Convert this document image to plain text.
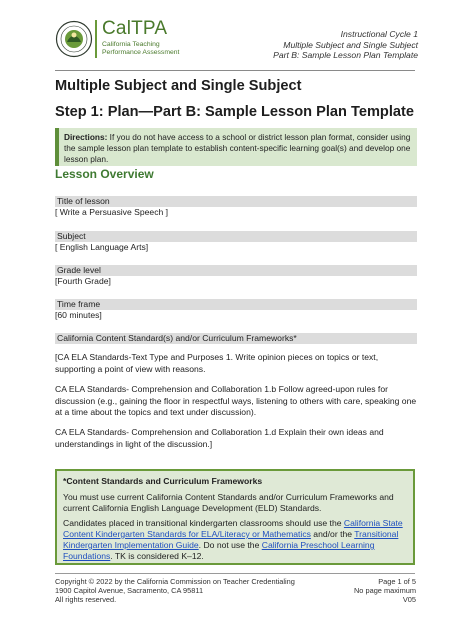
CalTPA
California Teaching
Performance Assessment
Instructional Cycle 1
Multiple Subject and Single Subject
Part B: Sample Lesson Plan Template
Multiple Subject and Single Subject
Step 1: Plan—Part B: Sample Lesson Plan Template
Directions: If you do not have access to a school or district lesson plan format, consider using the sample lesson plan template to establish content-specific learning goal(s) and develop one lesson plan.
Lesson Overview
Title of lesson
[ Write a Persuasive Speech ]
Subject
[ English Language Arts]
Grade level
[Fourth Grade]
Time frame
[60 minutes]
California Content Standard(s) and/or Curriculum Frameworks*
[CA ELA Standards-Text Type and Purposes 1. Write opinion pieces on topics or text, supporting a point of view with reasons.
CA ELA Standards- Comprehension and Collaboration 1.b Follow agreed-upon rules for discussion (e.g., gaining the floor in respectful ways, listening to others with care, speaking one at a time about the topics and text under discussion).
CA ELA Standards- Comprehension and Collaboration 1.d Explain their own ideas and understandings in light of the discussion.]
*Content Standards and Curriculum Frameworks

You must use current California Content Standards and/or Curriculum Frameworks and current California English Language Development (ELD) Standards.

Candidates placed in transitional kindergarten classrooms should use the California State Content Kindergarten Standards for ELA/Literacy or Mathematics and/or the Transitional Kindergarten Implementation Guide. Do not use the California Preschool Learning Foundations. TK is considered K–12.

Copyright © 2022 by the California Commission on Teacher Credentialing
1900 Capitol Avenue, Sacramento, CA 95811
All rights reserved.
Page 1 of 5
No page maximum
V05
